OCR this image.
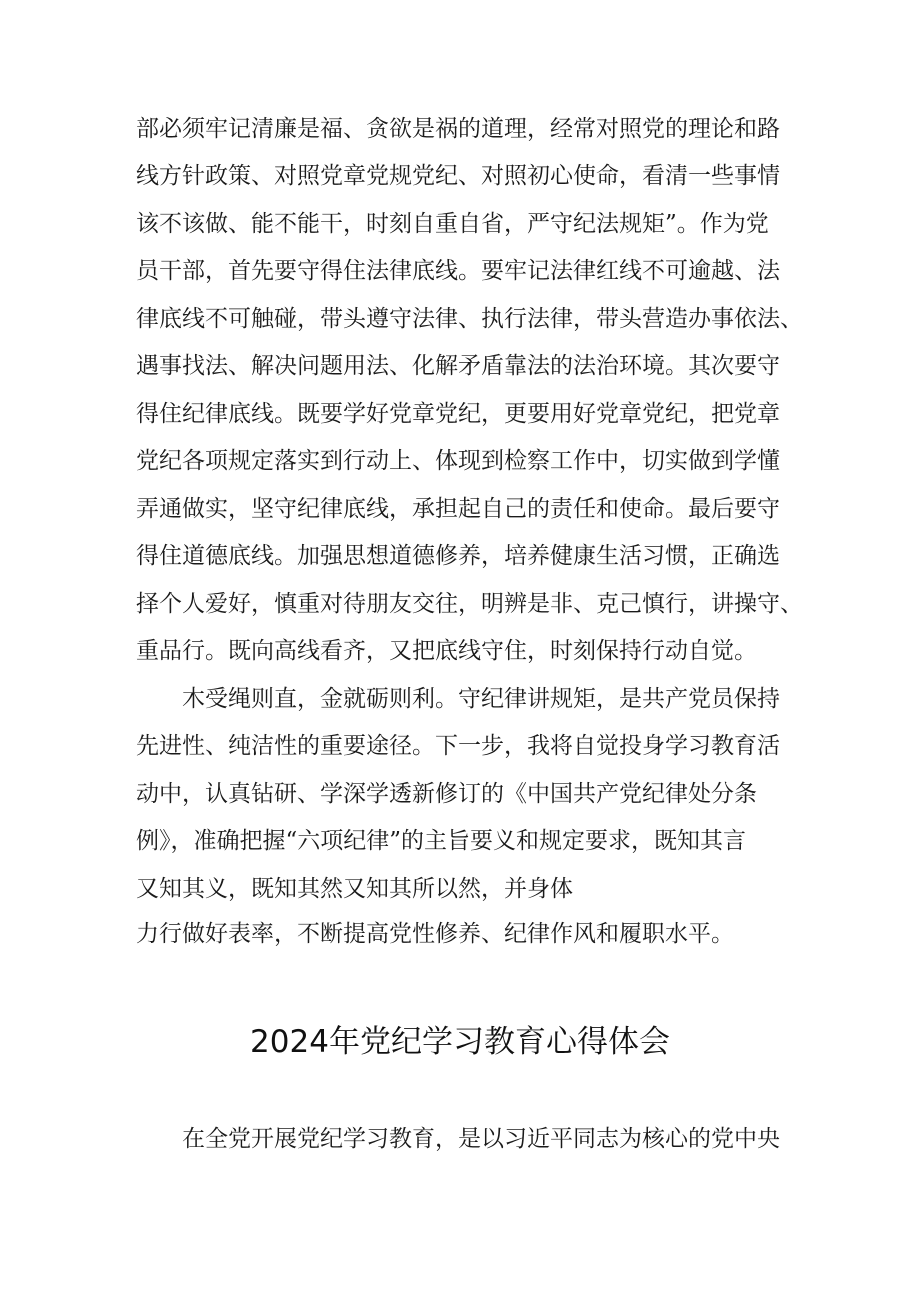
部必须牢记清廉是福、贪欲是祸的道理，经常对照党的理论和路
线方针政策、对照党章党规党纪、对照初心使命，看清一些事情
该不该做、能不能干，时刻自重自省，严守纪法规矩”。作为党
员干部，首先要守得住法律底线。要牢记法律红线不可逾越、法
律底线不可触碰，带头遵守法律、执行法律，带头营造办事依法、
遇事找法、解决问题用法、化解矛盾靠法的法治环境。其次要守
得住纪律底线。既要学好党章党纪，更要用好党章党纪，把党章
党纪各项规定落实到行动上、体现到检察工作中，切实做到学懂
弄通做实，坚守纪律底线，承担起自己的责任和使命。最后要守
得住道德底线。加强思想道德修养，培养健康生活习惯，正确选
择个人爱好，慎重对待朋友交往，明辨是非、克己慎行，讲操守、
重品行。既向高线看齐，又把底线守住，时刻保持行动自觉。
木受绳则直，金就砺则利。守纪律讲规矩，是共产党员保持
先进性、纯洁性的重要途径。下一步，我将自觉投身学习教育活
动中，认真钻研、学深学透新修订的《中国共产党纪律处分条
例》，准确把握“六项纪律”的主旨要义和规定要求，既知其言
又知其义，既知其然又知其所以然，并身体
力行做好表率，不断提高党性修养、纪律作风和履职水平。
2024年党纪学习教育心得体会
在全党开展党纪学习教育，是以习近平同志为核心的党中央
